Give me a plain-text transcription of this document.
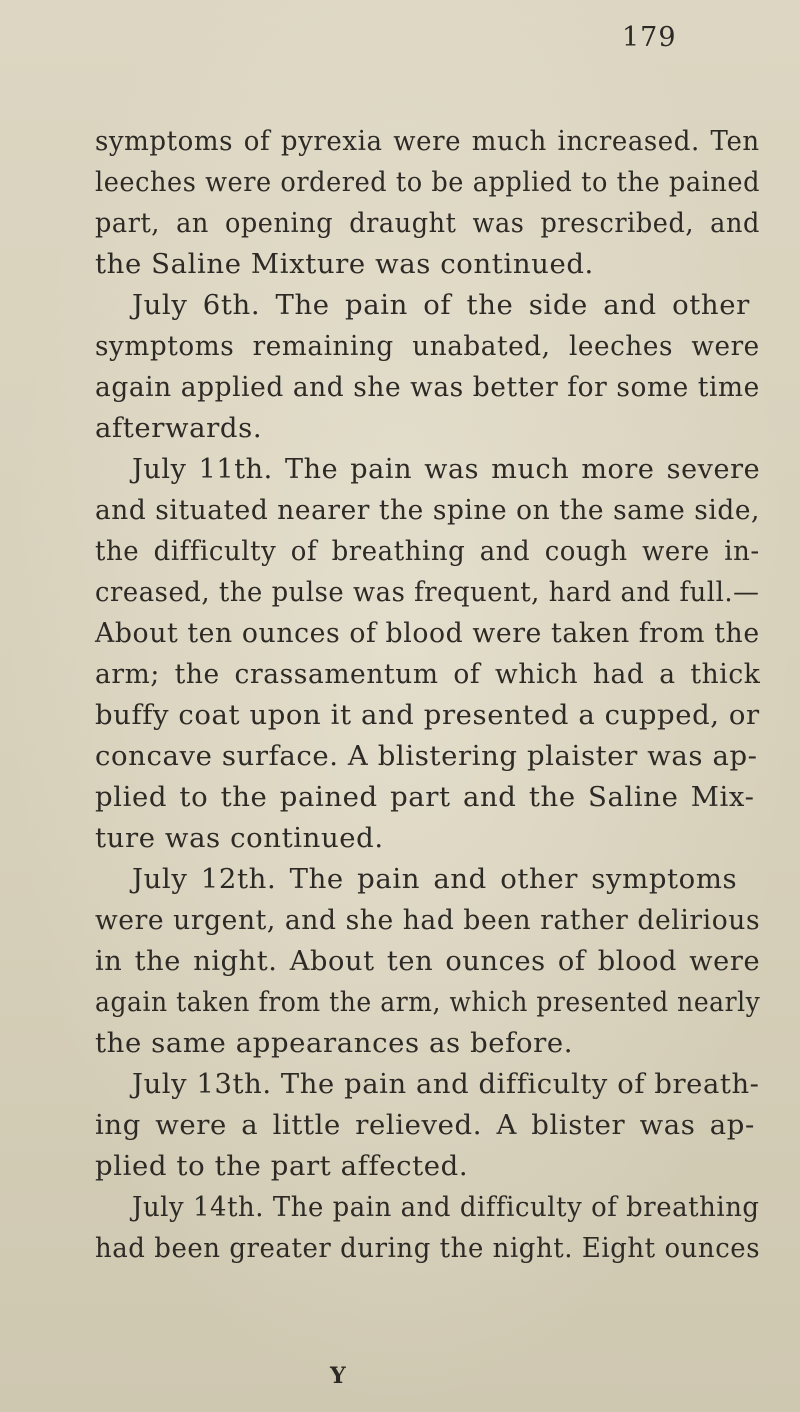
179
symptoms of pyrexia were much increased. Ten
leeches were ordered to be applied to the pained
part, an opening draught was prescribed, and
the Saline Mixture was continued.
July 6th. The pain of the side and other
symptoms remaining unabated, leeches were
again applied and she was better for some time
afterwards.
July 11th. The pain was much more severe
and situated nearer the spine on the same side,
the difficulty of breathing and cough were in-
creased, the pulse was frequent, hard and full.—
About ten ounces of blood were taken from the
arm; the crassamentum of which had a thick
buffy coat upon it and presented a cupped, or
concave surface. A blistering plaister was ap-
plied to the pained part and the Saline Mix-
ture was continued.
July 12th. The pain and other symptoms
were urgent, and she had been rather delirious
in the night. About ten ounces of blood were
again taken from the arm, which presented nearly
the same appearances as before.
July 13th. The pain and difficulty of breath-
ing were a little relieved. A blister was ap-
plied to the part affected.
July 14th. The pain and difficulty of breathing
had been greater during the night. Eight ounces
Y
